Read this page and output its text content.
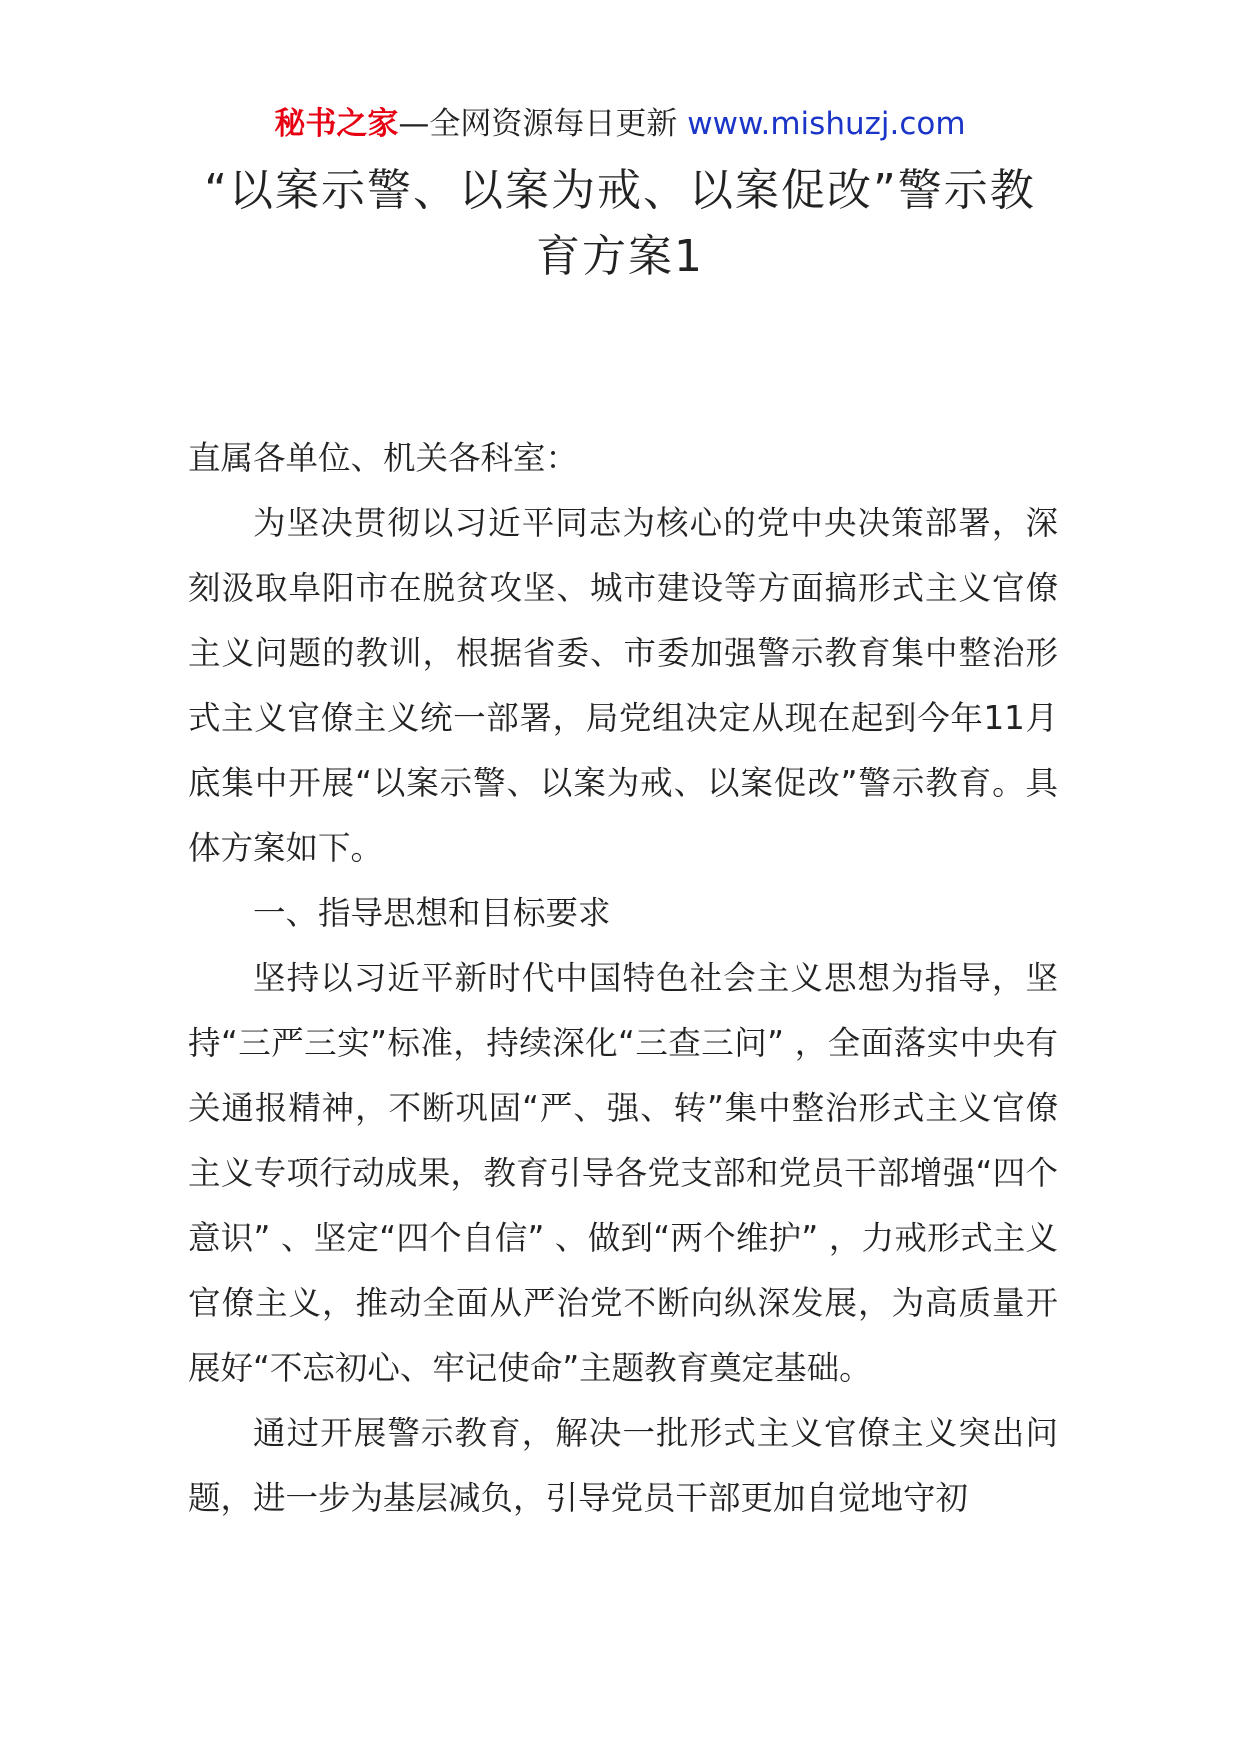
秘书之家—全网资源每日更新 www.mishuzj.com
“以案示警、以案为戒、以案促改”警示教育方案1

直属各单位、机关各科室：

为坚决贯彻以习近平同志为核心的党中央决策部署，深刻汲取阜阳市在脱贫攻坚、城市建设等方面搞形式主义官僚主义问题的教训，根据省委、市委加强警示教育集中整治形式主义官僚主义统一部署，局党组决定从现在起到今年11月底集中开展“以案示警、以案为戒、以案促改”警示教育。具体方案如下。

一、指导思想和目标要求

坚持以习近平新时代中国特色社会主义思想为指导，坚持“三严三实”标准，持续深化“三查三问” ，全面落实中央有关通报精神，不断巩固“严、强、转”集中整治形式主义官僚主义专项行动成果，教育引导各党支部和党员干部增强“四个意识” 、坚定“四个自信” 、做到“两个维护” ，力戒形式主义官僚主义，推动全面从严治党不断向纵深发展，为高质量开展好“不忘初心、牢记使命”主题教育奠定基础。

通过开展警示教育，解决一批形式主义官僚主义突出问题，进一步为基层减负，引导党员干部更加自觉地守初
